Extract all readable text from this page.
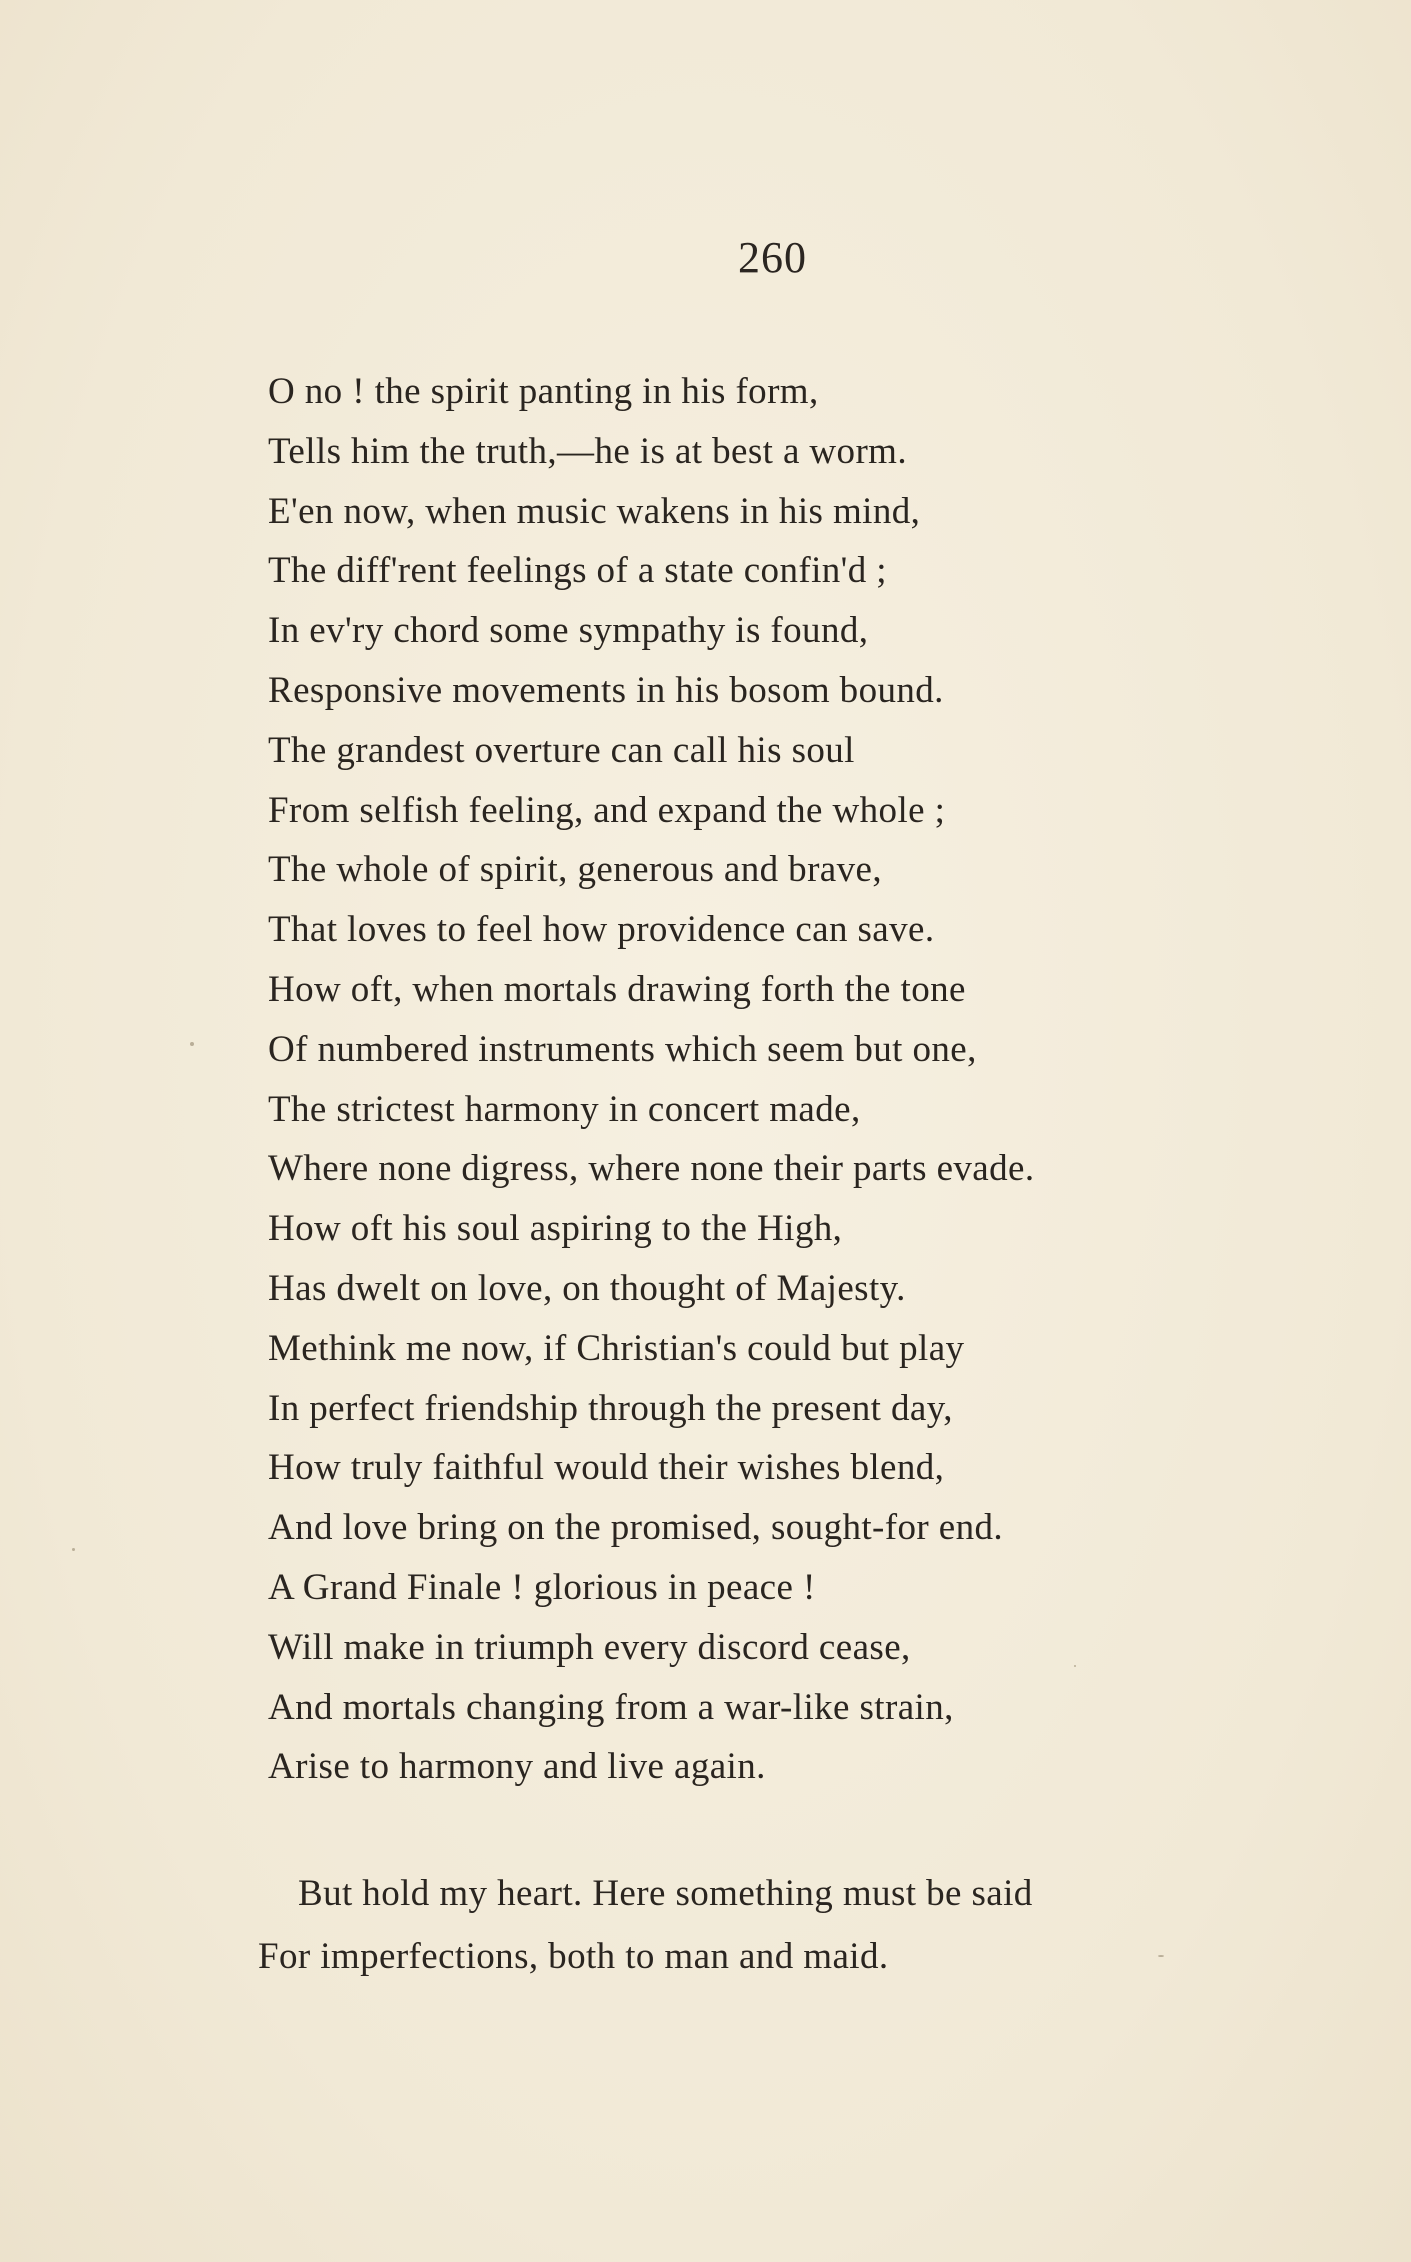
260
O no ! the spirit panting in his form,
Tells him the truth,—he is at best a worm.
E'en now, when music wakens in his mind,
The diff'rent feelings of a state confin'd ;
In ev'ry chord some sympathy is found,
Responsive movements in his bosom bound.
The grandest overture can call his soul
From selfish feeling, and expand the whole ;
The whole of spirit, generous and brave,
That loves to feel how providence can save.
How oft, when mortals drawing forth the tone
Of numbered instruments which seem but one,
The strictest harmony in concert made,
Where none digress, where none their parts evade.
How oft his soul aspiring to the High,
Has dwelt on love, on thought of Majesty.
Methink me now, if Christian's could but play
In perfect friendship through the present day,
How truly faithful would their wishes blend,
And love bring on the promised, sought-for end.
A Grand Finale ! glorious in peace !
Will make in triumph every discord cease,
And mortals changing from a war-like strain,
Arise to harmony and live again.
But hold my heart. Here something must be said
For imperfections, both to man and maid.
